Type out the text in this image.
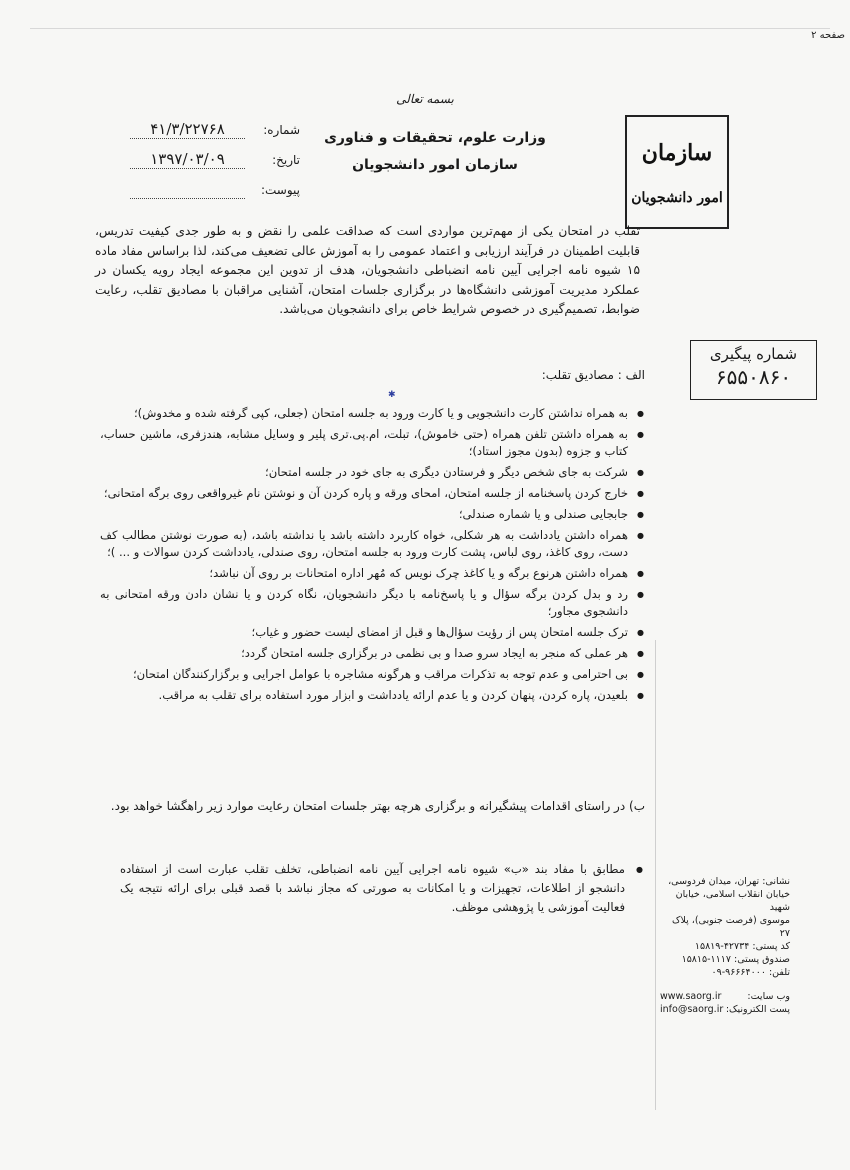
صفحه ۲
بسمه تعالی
سازمان
امور دانشجویان
وزارت علوم، تحقیقات و فناوری
سازمان امور دانشجویان
شماره:۴۱/۳/۲۲۷۶۸
تاریخ:۱۳۹۷/۰۳/۰۹
پیوست:
تقلب در امتحان یکی از مهم‌ترین مواردی است که صداقت علمی را نقض و به طور جدی کیفیت تدریس، قابلیت اطمینان در فرآیند ارزیابی و اعتماد عمومی را به آموزش عالی تضعیف می‌کند، لذا براساس مفاد ماده ۱۵ شیوه نامه اجرایی آیین نامه انضباطی دانشجویان، هدف از تدوین این مجموعه ایجاد رویه یکسان در عملکرد مدیریت آموزشی دانشگاه‌ها در برگزاری جلسات امتحان، آشنایی مراقبان با مصادیق تقلب، رعایت ضوابط، تصمیم‌گیری در خصوص شرایط خاص برای دانشجویان می‌باشد.
شماره پیگیری
۶۵۵۰۸۶۰
الف : مصادیق تقلب:
✱
● به همراه نداشتن کارت دانشجویی و یا کارت ورود به جلسه امتحان (جعلی، کپی گرفته شده و مخدوش)؛
● به همراه داشتن تلفن همراه (حتی خاموش)، تبلت، ام.پی.تری پلیر و وسایل مشابه، هندزفری، ماشین حساب، کتاب و جزوه (بدون مجوز استاد)؛
● شرکت به جای شخص دیگر و فرستادن دیگری به جای خود در جلسه امتحان؛
● خارج کردن پاسخنامه از جلسه امتحان، امحای ورقه و پاره کردن آن و نوشتن نام غیرواقعی روی برگه امتحانی؛
● جابجایی صندلی و یا شماره صندلی؛
● همراه داشتن یادداشت به هر شکلی، خواه کاربرد داشته باشد یا نداشته باشد، (به صورت نوشتن مطالب کف دست، روی کاغذ، روی لباس، پشت کارت ورود به جلسه امتحان، روی صندلی، یادداشت کردن سوالات و ... )؛
● همراه داشتن هرنوع برگه و یا کاغذ چرک نویس که مُهر اداره امتحانات بر روی آن نباشد؛
● رد و بدل کردن برگه سؤال و یا پاسخ‌نامه با دیگر دانشجویان، نگاه کردن و یا نشان دادن ورقه امتحانی به دانشجوی مجاور؛
● ترک جلسه امتحان پس از رؤیت سؤال‌ها و قبل از امضای لیست حضور و غیاب؛
● هر عملی که منجر به ایجاد سرو صدا و بی نظمی در برگزاری جلسه امتحان گردد؛
● بی احترامی و عدم توجه به تذکرات مراقب و هرگونه مشاجره با عوامل اجرایی و برگزارکنندگان امتحان؛
● بلعیدن، پاره کردن، پنهان کردن و یا عدم ارائه یادداشت و ابزار مورد استفاده برای تقلب به مراقب.
ب) در راستای اقدامات پیشگیرانه و برگزاری هرچه بهتر جلسات امتحان رعایت موارد زیر راهگشا خواهد بود.
●
مطابق با مفاد بند «ب» شیوه نامه اجرایی آیین نامه انضباطی، تخلف تقلب عبارت است از استفاده دانشجو از اطلاعات، تجهیزات و یا امکانات به صورتی که مجاز نباشد با قصد قبلی برای ارائه نتیجه یک فعالیت آموزشی یا پژوهشی موظف.
نشانی: تهران، میدان فردوسی،
خیابان انقلاب اسلامی، خیابان شهید
موسوی (فرصت جنوبی)، پلاک ۲۷
کد پستی: ۴۲۷۳۴-۱۵۸۱۹
صندوق پستی: ۱۱۱۷-۱۵۸۱۵
تلفن: ۹۶۶۶۴۰۰۰-۰۹
www.saorg.ir	وب سایت:
info@saorg.ir پست الکترونیک:
